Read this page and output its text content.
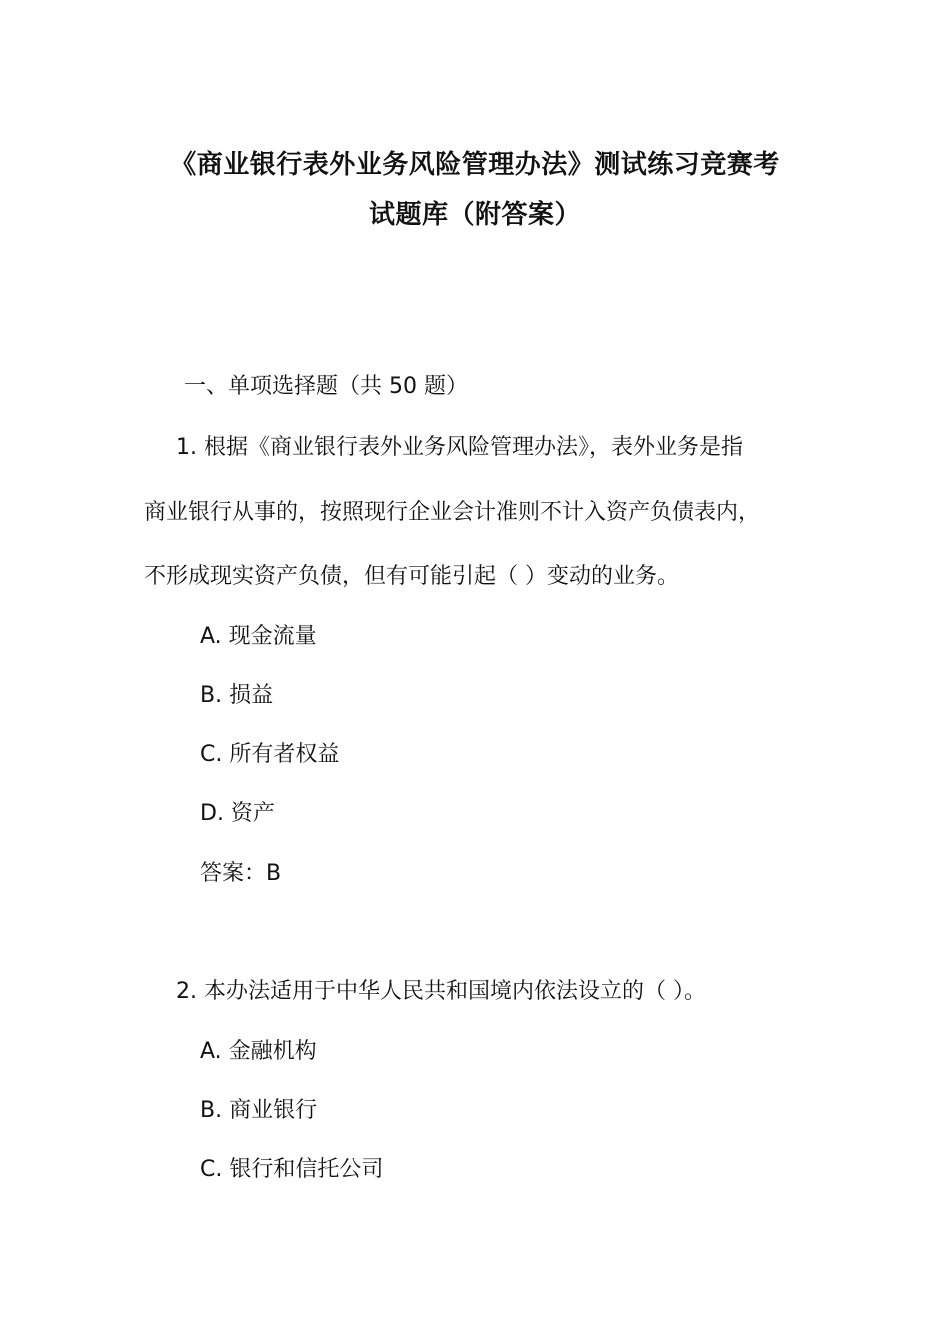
《商业银行表外业务风险管理办法》测试练习竞赛考
试题库（附答案）
一、单项选择题（共 50 题）
1. 根据《商业银行表外业务风险管理办法》，表外业务是指
商业银行从事的，按照现行企业会计准则不计入资产负债表内，
不形成现实资产负债，但有可能引起（ ）变动的业务。
A. 现金流量
B. 损益
C. 所有者权益
D. 资产
答案：B
2. 本办法适用于中华人民共和国境内依法设立的（ ）。
A. 金融机构
B. 商业银行
C. 银行和信托公司
